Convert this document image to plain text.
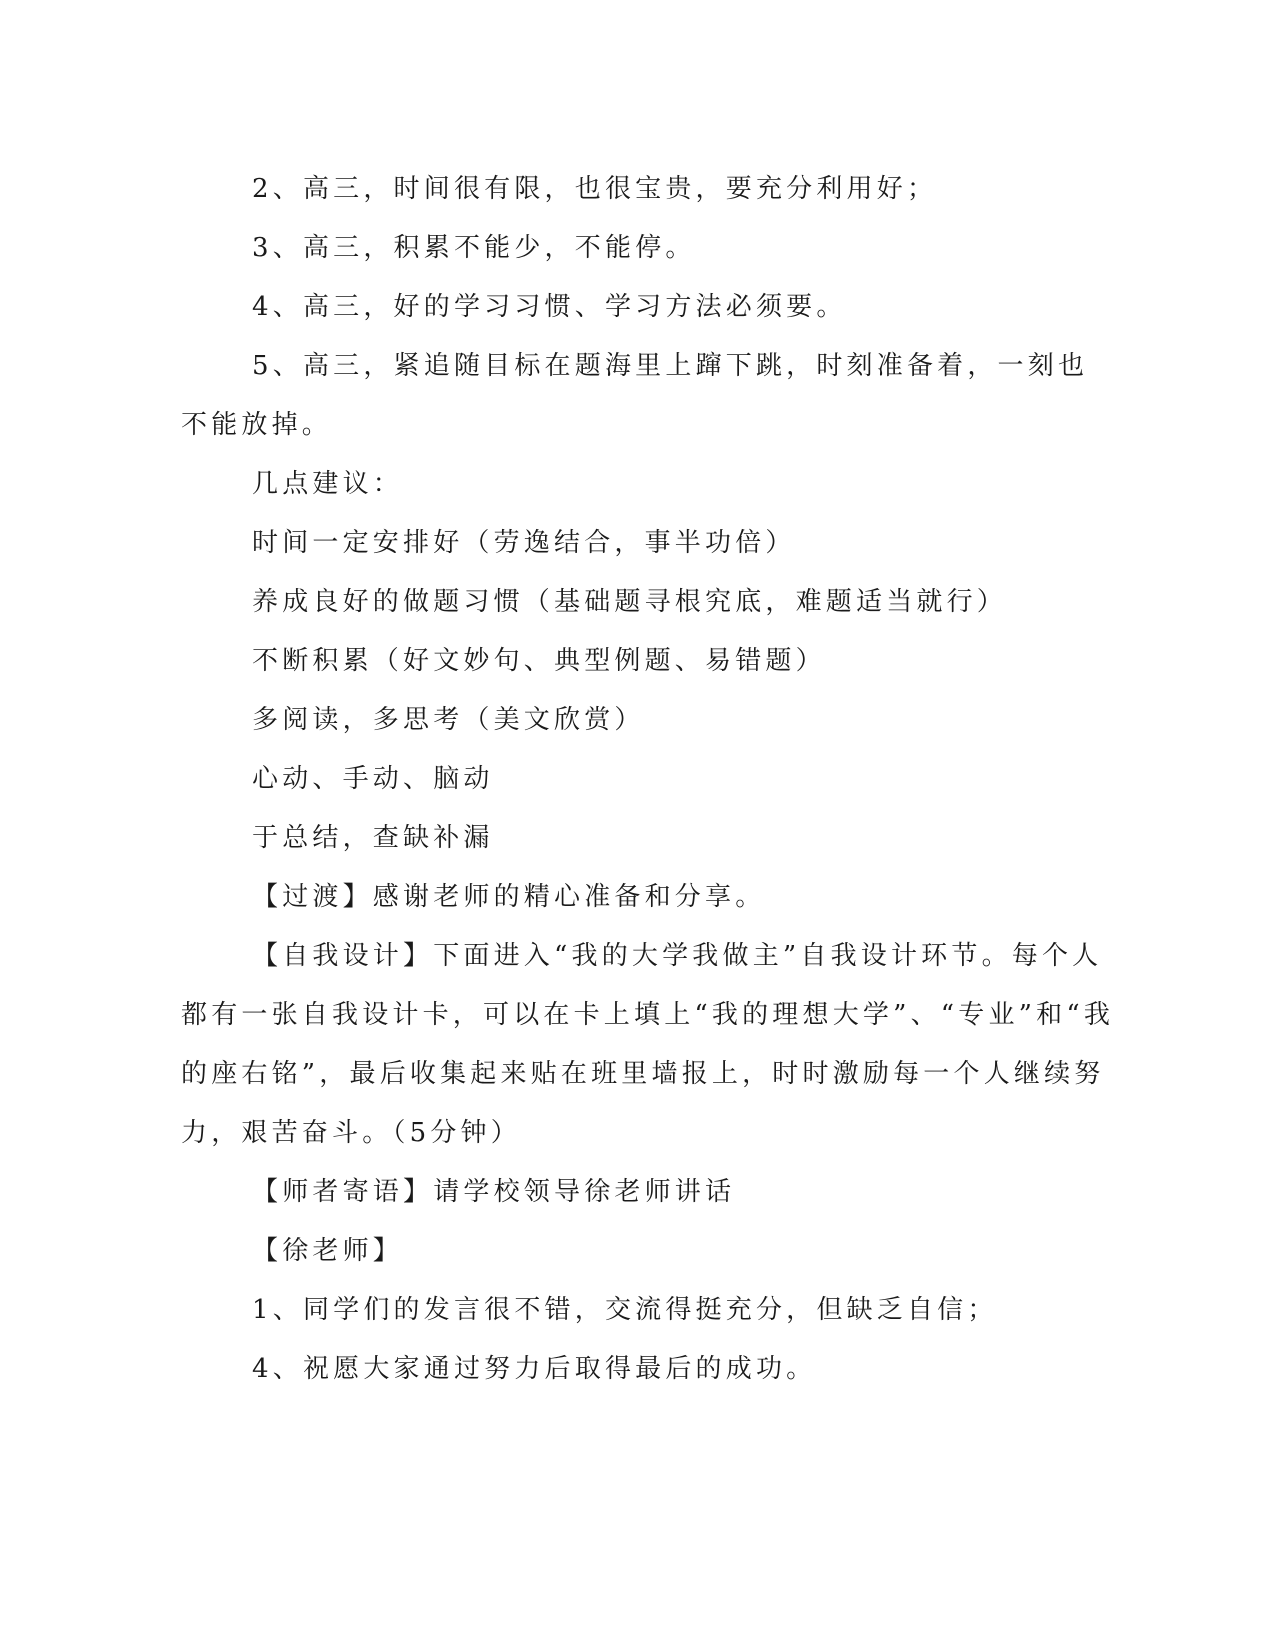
2、高三，时间很有限，也很宝贵，要充分利用好；

3、高三，积累不能少，不能停。

4、高三，好的学习习惯、学习方法必须要。

5、高三，紧追随目标在题海里上蹿下跳，时刻准备着，一刻也

不能放掉。

几点建议：

时间一定安排好（劳逸结合，事半功倍）

养成良好的做题习惯（基础题寻根究底，难题适当就行）

不断积累（好文妙句、典型例题、易错题）

多阅读，多思考（美文欣赏）

心动、手动、脑动

于总结，查缺补漏

【过渡】感谢老师的精心准备和分享。

【自我设计】下面进入“我的大学我做主”自我设计环节。每个人

都有一张自我设计卡，可以在卡上填上“我的理想大学”、“专业”和“我

的座右铭”，最后收集起来贴在班里墙报上，时时激励每一个人继续努

力，艰苦奋斗。（5分钟）

【师者寄语】请学校领导徐老师讲话

【徐老师】

1、同学们的发言很不错，交流得挺充分，但缺乏自信；

4、祝愿大家通过努力后取得最后的成功。
